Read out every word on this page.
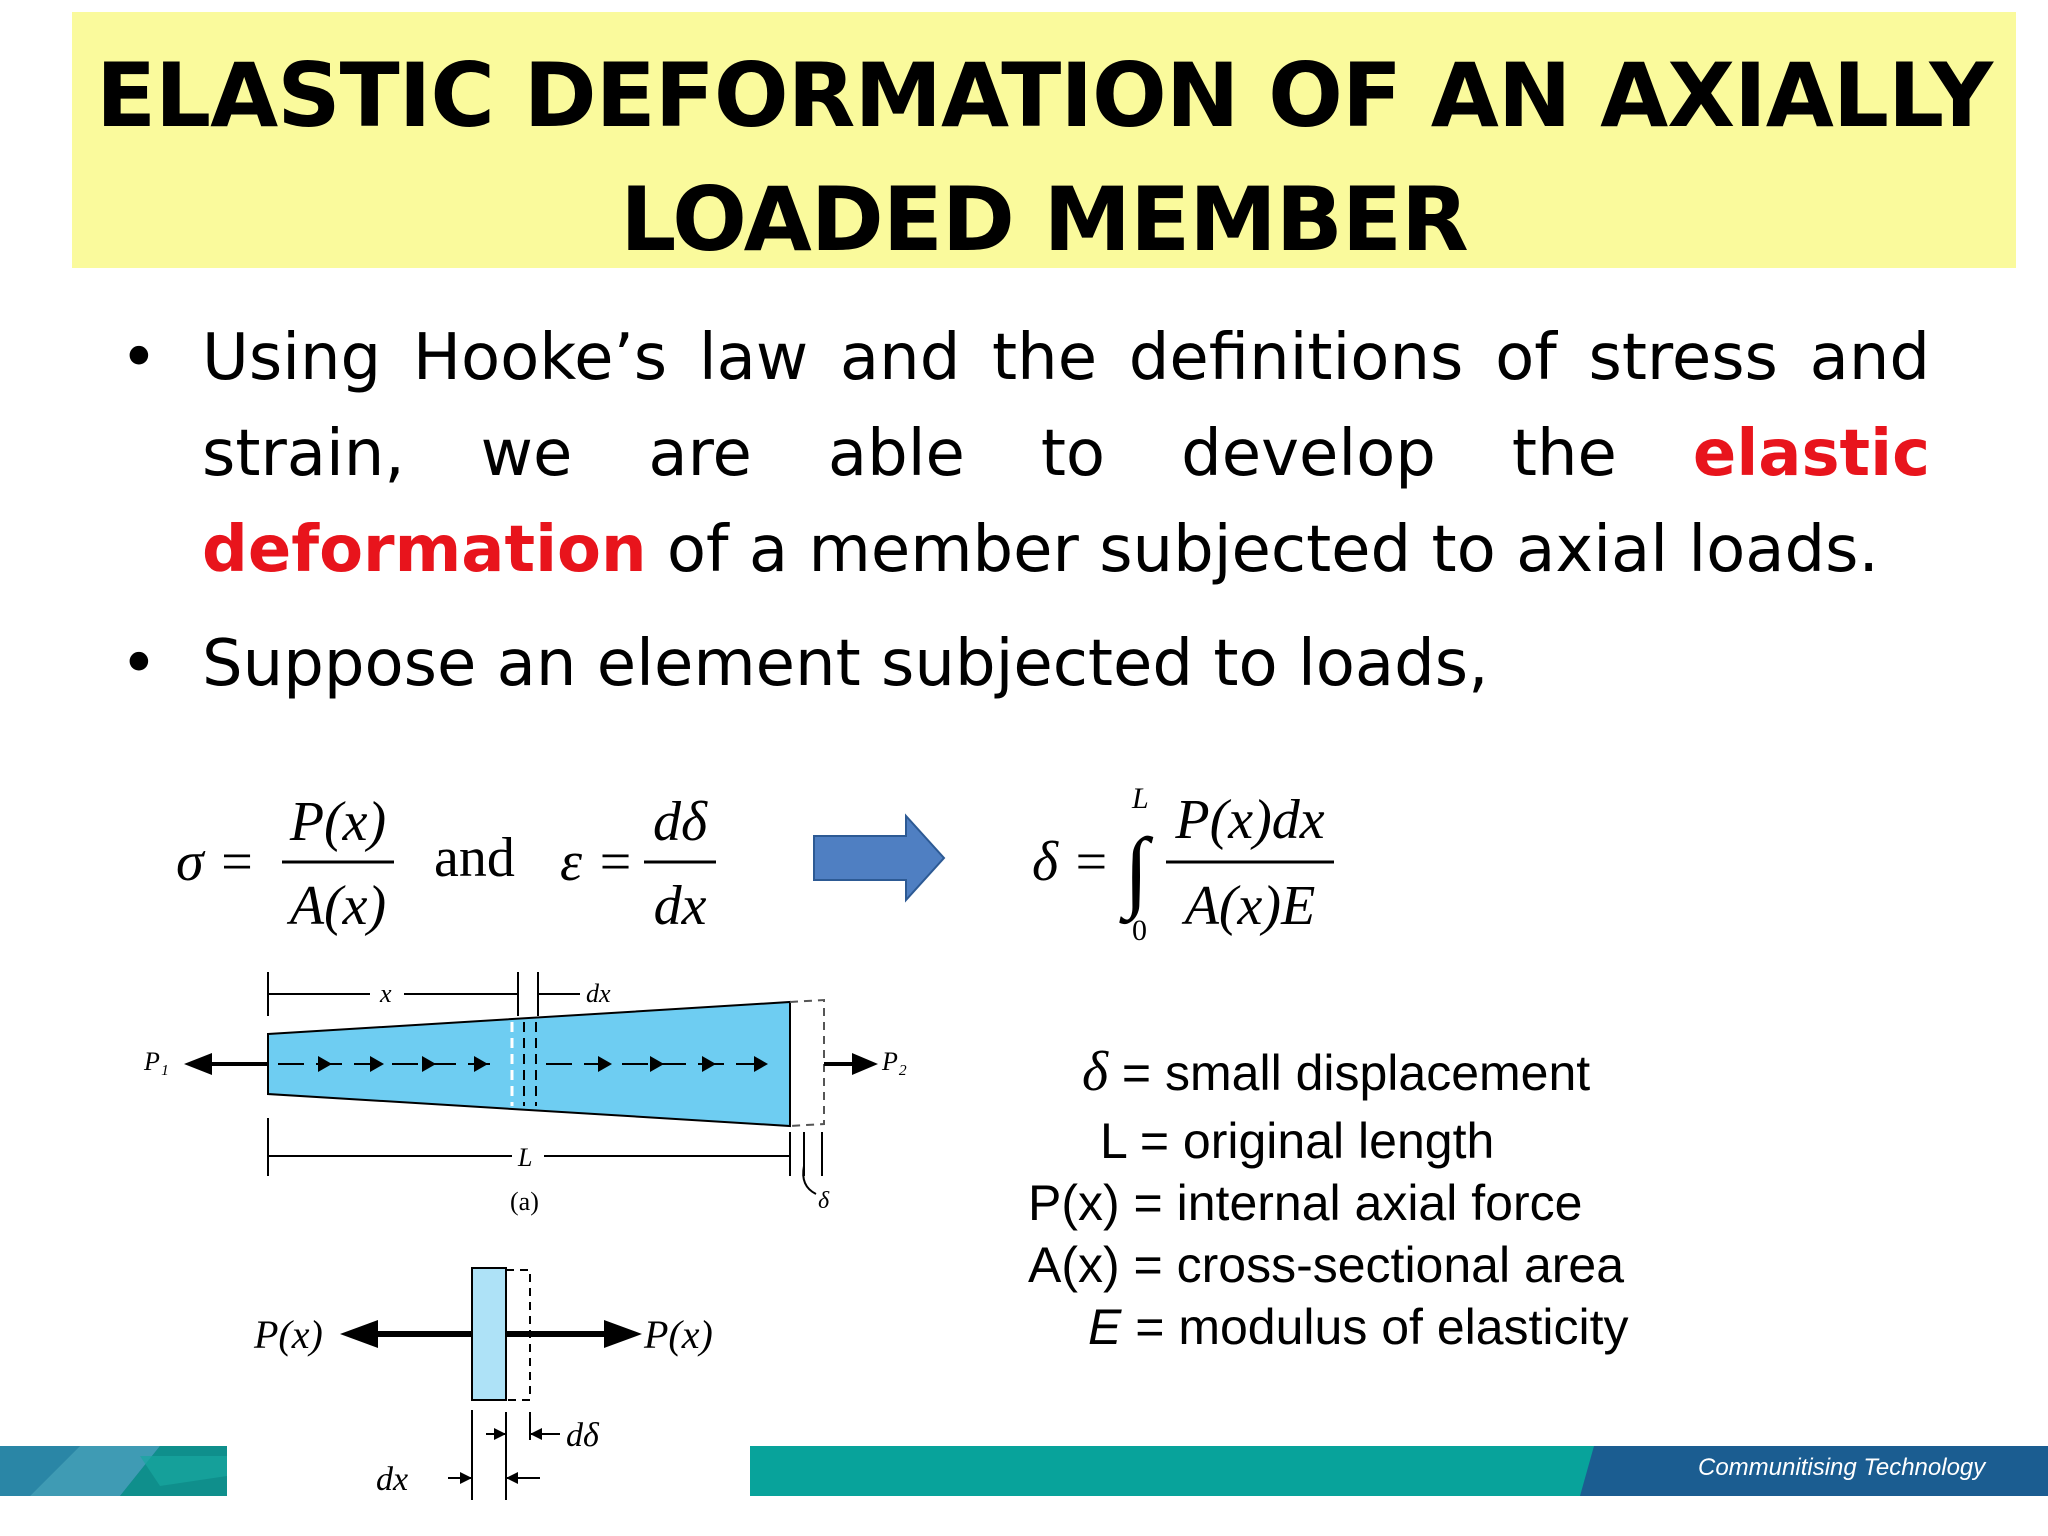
ELASTIC DEFORMATION OF AN AXIALLY
LOADED MEMBER
• Using Hooke’s law and the definitions of stress and strain, we are able to develop the elastic deformation of a member subjected to axial loads.
• Suppose an element subjected to loads,
σ =
P(x)
A(x)
and ε =
dδ
dx
δ = ∫
L
0
P(x)dx
A(x)E
x	dx
P₁	P₂
L
δ
(a)
P(x)	P(x)
dδ
dx
δ = small displacement
L = original length
P(x) = internal axial force
A(x) = cross-sectional area
E = modulus of elasticity
Communitising Technology
